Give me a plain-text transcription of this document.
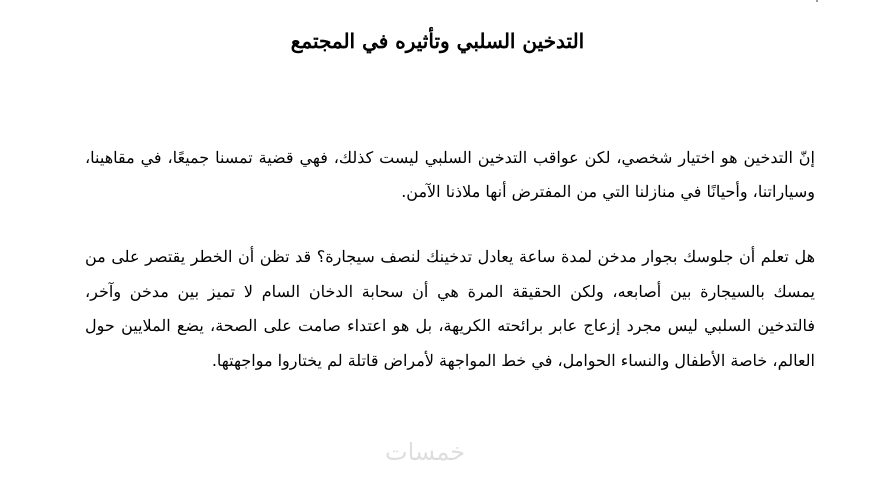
التدخين السلبي وتأثيره في المجتمع

إنّ التدخين هو اختيار شخصي، لكن عواقب التدخين السلبي ليست كذلك، فهي قضية تمسنا جميعًا، في مقاهينا، وسياراتنا، وأحيانًا في منازلنا التي من المفترض أنها ملاذنا الآمن.

هل تعلم أن جلوسك بجوار مدخن لمدة ساعة يعادل تدخينك لنصف سيجارة؟ قد تظن أن الخطر يقتصر على من يمسك بالسيجارة بين أصابعه، ولكن الحقيقة المرة هي أن سحابة الدخان السام لا تميز بين مدخن وآخر، فالتدخين السلبي ليس مجرد إزعاج عابر برائحته الكريهة، بل هو اعتداء صامت على الصحة، يضع الملايين حول العالم، خاصة الأطفال والنساء الحوامل، في خط المواجهة لأمراض قاتلة لم يختاروا مواجهتها.

خمسات
